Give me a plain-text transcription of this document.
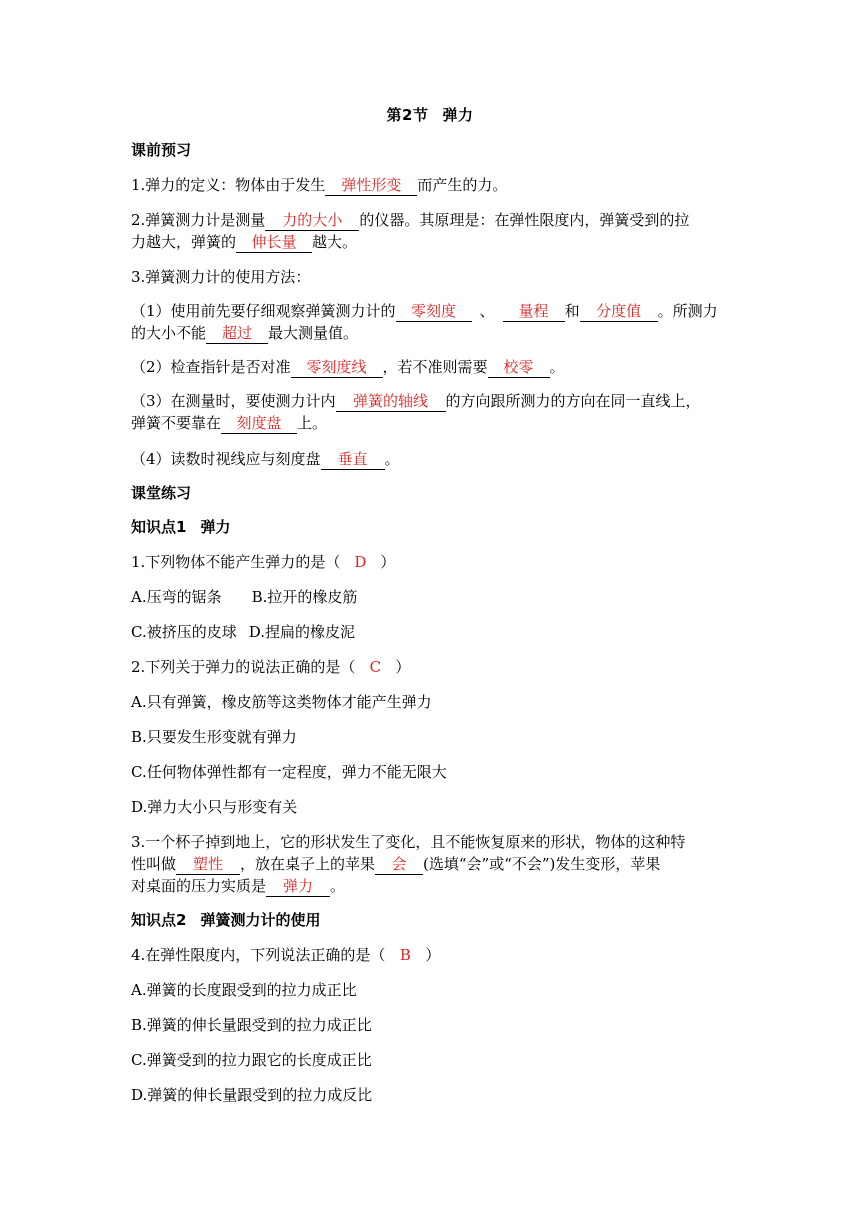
第2节 弹力
课前预习
1.弹力的定义：物体由于发生 弹性形变 而产生的力。
2.弹簧测力计是测量 力的大小 的仪器。其原理是：在弹性限度内，弹簧受到的拉
力越大，弹簧的 伸长量 越大。
3.弹簧测力计的使用方法：
（1）使用前先要仔细观察弹簧测力计的 零刻度 、 量程 和 分度值 。所测力
的大小不能 超过 最大测量值。
（2）检查指针是否对准 零刻度线 ，若不准则需要 校零 。
（3）在测量时，要使测力计内 弹簧的轴线 的方向跟所测力的方向在同一直线上，
弹簧不要靠在 刻度盘 上。
（4）读数时视线应与刻度盘 垂直 。
课堂练习
知识点1 弹力
1.下列物体不能产生弹力的是（ D ）
A.压弯的锯条 B.拉开的橡皮筋
C.被挤压的皮球 D.捏扁的橡皮泥
2.下列关于弹力的说法正确的是（ C ）
A.只有弹簧，橡皮筋等这类物体才能产生弹力
B.只要发生形变就有弹力
C.任何物体弹性都有一定程度，弹力不能无限大
D.弹力大小只与形变有关
3.一个杯子掉到地上，它的形状发生了变化，且不能恢复原来的形状，物体的这种特
性叫做 塑性 ，放在桌子上的苹果 会 (选填“会”或“不会”)发生变形，苹果
对桌面的压力实质是 弹力 。
知识点2 弹簧测力计的使用
4.在弹性限度内，下列说法正确的是（ B ）
A.弹簧的长度跟受到的拉力成正比
B.弹簧的伸长量跟受到的拉力成正比
C.弹簧受到的拉力跟它的长度成正比
D.弹簧的伸长量跟受到的拉力成反比
